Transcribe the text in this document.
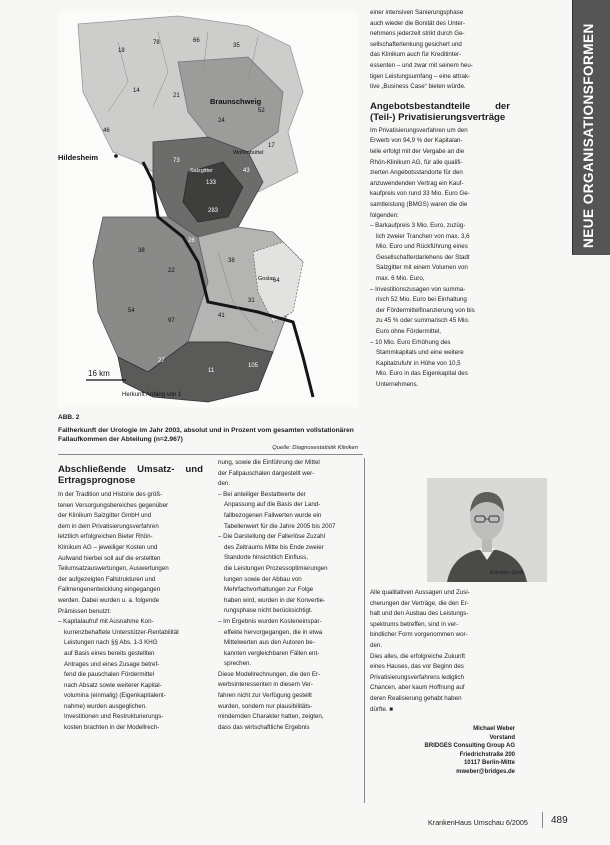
NEUE ORGANISATIONSFORMEN
18
78	66
35
14
21
133
283
73
43
52
17
46
24
38
22
54
97
38
31
41
64
27
11
105
26
Hildesheim
Braunschweig
Salzgitter
Wolfenbüttel
Goslar
16 km
Herkunft Anfang von 1
ABB. 2
Fallherkunft der Urologie im Jahr 2003, absolut und in Prozent vom gesamten vollstationären Fallaufkommen der Abteilung (n=2.967)
Quelle: Diagnosestatistik Kliniken
einer intensiven Sanierungsphase
auch wieder die Bonität des Unter-
nehmens jederzeit strikt durch Ge-
sellschafterlenkung gesichert und
das Klinikum auch für Kreditinter-
essenten – und zwar mit seinem heu-
tigen Leistungsumfang – eine attrak-
tive „Business Case“ bieten würde.
Angebotsbestandteile der (Teil-) Privatisierungsverträge
Im Privatisierungsverfahren um den
Erwerb von 94,9 % der Kapitalan-
teile erfolgt mit der Vergabe an die
Rhön-Klinikum AG, für alle qualifi-
zierten Angebotsstandorte für den
anzuwendenden Vertrag ein Kauf-
kaufpreis von rund 33 Mio. Euro Ge-
samtleistung (BMGS) waren die die
folgenden:
– Barkaufpreis 3 Mio. Euro, zuzüg-
lich zweier Tranchen von max. 3,6
Mio. Euro und Rückführung eines
Gesellschafterdarlehens der Stadt
Salzgitter mit einem Volumen von
max. 6 Mio. Euro,
– Investitionszusagen von summa-
risch 52 Mio. Euro bei Einhaltung
der Fördermittelfinanzierung von bis
zu 45 % oder summarisch 45 Mio.
Euro ohne Fördermittel,
– 10 Mio. Euro Erhöhung des
Stammkapitals und eine weitere
Kapitalzufuhr in Höhe von 10,5
Mio. Euro in das Eigenkapital des
Unternehmens.
Abschließende Umsatz- und Ertragsprognose
In der Tradition und Historie des größ-
tenen Versorgungsbereiches gegenüber
der Klinikum Salzgitter GmbH und
dem in dem Privatisierungsverfahren
letztlich erfolgreichen Bieter Rhön-
Klinikum AG – jeweiliger Kosten und
Aufwand hierbei soll auf die erstellten
Teilumsatzauswertungen, Auswertungen
der aufgezeigten Fallstrukturen und
Fallmengenentwicklung eingegangen
werden. Dabei wurden u. a. folgende
Prämissen benutzt:
– Kapitalaufruf mit Ausnahme Kon-
kurrenzbehaftete Unterstützer-Rentabilität
Leistungen nach §§ Abs. 1-3 KHG
auf Basis eines bereits gestellten
Antrages und eines Zusage betref-
fend die pauschalen Fördermittel
nach Absatz sowie weiterer Kapital-
volumina (einmalig) (Eigenkapitalent-
nahme) wurden ausgeglichen.
Investitionen und Restrukturierungs-
kosten brachten in der Modellrech-
nung, sowie die Einführung der Mittel
der Fallpauschalen dargestellt wer-
den.
– Bei anteiliger Bestattwerte der
Anpassung auf die Basis der Land-
fallbezogenen Fallwerten wurde ein
Tabellenwert für die Jahre 2005 bis 2007
– Die Darstellung der Fallerlöse Zuzahl
des Zeitraums Mitte bis Ende zweier
Standorte hinsichtlich Einfluss,
die Leistungen Prozessoptimierungen
lungen sowie der Abbau von
Mehrfachvorhaltungen zur Folge
haben wird, wurden in der Konvertie-
rungsphase nicht berücksichtigt.
– Im Ergebnis wurden Kosteneinspar-
effekte hervorgegangen, die in etwa
Mittelwerten aus den Autoren be-
kannten vergleichbaren Fällen ent-
sprechen.
Diese Modellrechnungen, die den Er-
werbsinteressenten in diesem Ver-
fahren nicht zur Verfügung gestellt
wurden, sondern nur plausibilitäts-
mindernden Charakter hatten, zeigten,
dass das wirtschaftliche Ergebnis
Karsten Zedt
Alle qualitativen Aussagen und Zusi-
cherungen der Verträge, die den Er-
halt und den Ausbau des Leistungs-
spektrums betreffen, sind in ver-
bindlicher Form vorgenommen wor-
den.
Dies alles, die erfolgreiche Zukunft
eines Hauses, das vor Beginn des
Privatisierungsverfahrens lediglich
Chancen, aber kaum Hoffnung auf
deren Realisierung gehabt haben
dürfte. ■
Michael Weber
Vorstand
BRIDGES Consulting Group AG
Friedrichstraße 200
10117 Berlin-Mitte
mweber@bridges.de
KrankenHaus Umschau 6/2005 489
